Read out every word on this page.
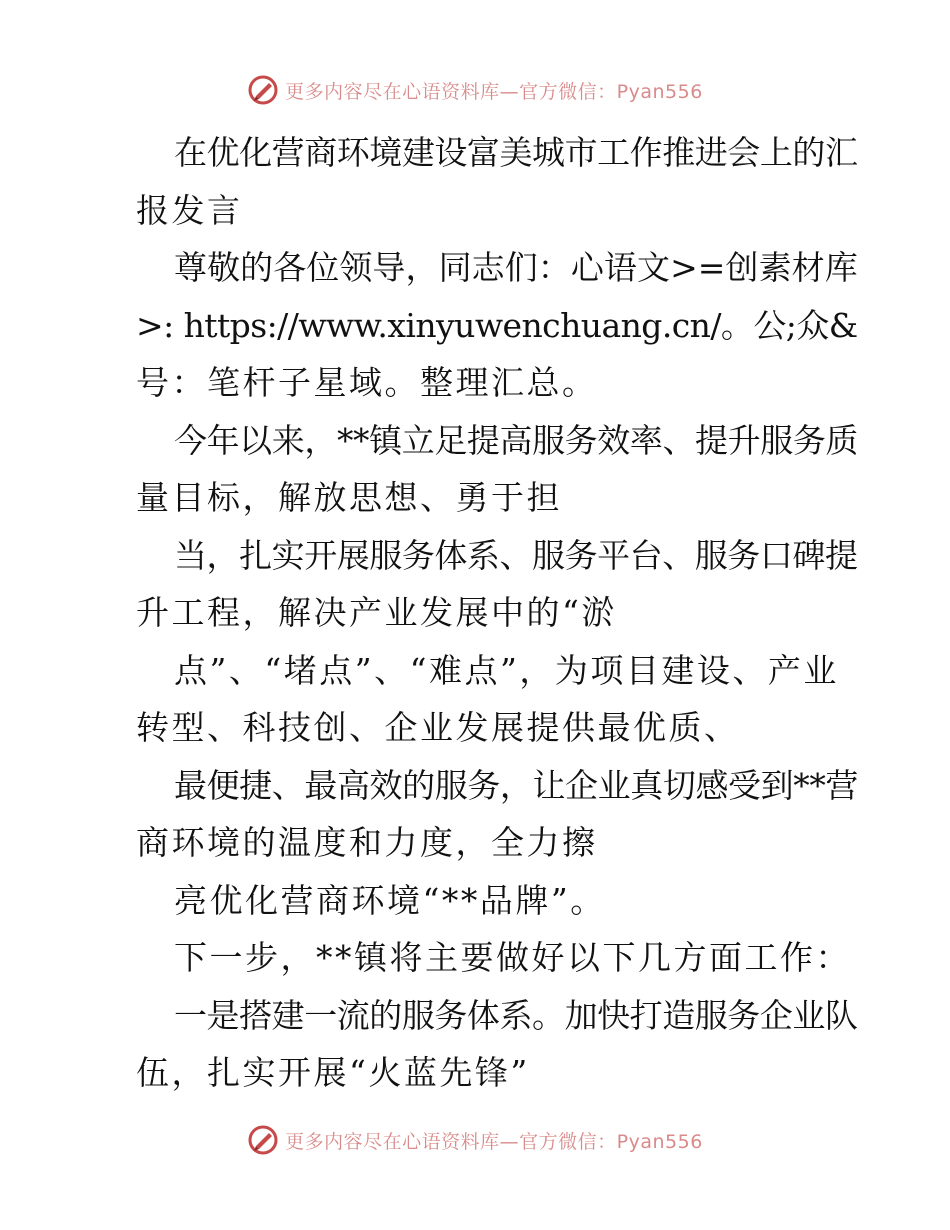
更多内容尽在心语资料库—官方微信：Pyan556
在优化营商环境建设富美城市工作推进会上的汇
报发言
尊敬的各位领导，同志们：心语文>=创素材库
>: https://www.xinyuwenchuang.cn/。公;众&
号：笔杆子星域。整理汇总。
今年以来，**镇立足提高服务效率、提升服务质
量目标，解放思想、勇于担
当，扎实开展服务体系、服务平台、服务口碑提
升工程，解决产业发展中的“淤
点”、“堵点”、“难点”，为项目建设、产业
转型、科技创、企业发展提供最优质、
最便捷、最高效的服务，让企业真切感受到**营
商环境的温度和力度，全力擦
亮优化营商环境“**品牌”。
下一步，**镇将主要做好以下几方面工作：
一是搭建一流的服务体系。加快打造服务企业队
伍，扎实开展“火蓝先锋”
更多内容尽在心语资料库—官方微信：Pyan556
